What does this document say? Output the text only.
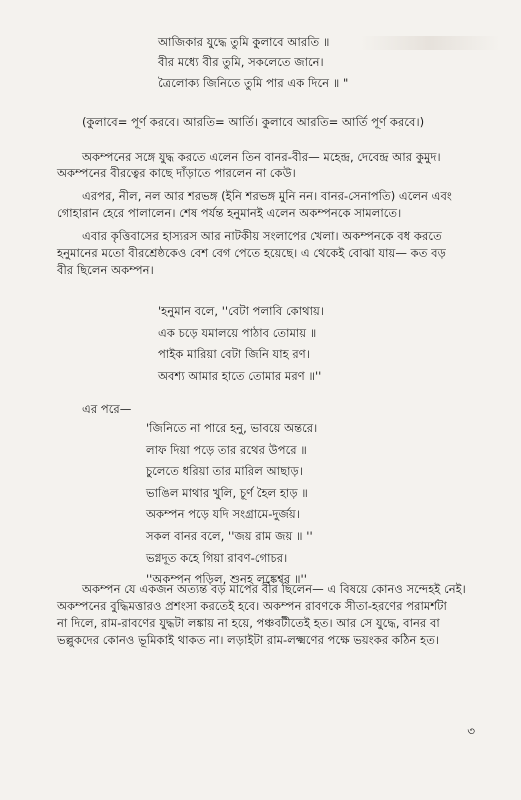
আজিকার যুদ্ধে তুমি কুলাবে আরতি ॥
বীর মধ্যে বীর তুমি, সকলেতে জানে।
ত্রৈলোক্য জিনিতে তুমি পার এক দিনে ॥ "
(কুলাবে= পূর্ণ করবে। আরতি= আর্তি। কুলাবে আরতি= আর্তি পূর্ণ করবে।)
অকম্পনের সঙ্গে যুদ্ধ করতে এলেন তিন বানর-বীর— মহেন্দ্র, দেবেন্দ্র আর কুমুদ।
অকম্পনের বীরত্বের কাছে দাঁড়াতে পারলেন না কেউ।
এরপর, নীল, নল আর শরভঙ্গ (ইনি শরভঙ্গ মুনি নন। বানর-সেনাপতি) এলেন এবং
গোহারান হেরে পালালেন। শেষ পর্যন্ত হনুমানই এলেন অকম্পনকে সামলাতে।
এবার কৃত্তিবাসের হাস্যরস আর নাটকীয় সংলাপের খেলা। অকম্পনকে বধ করতে
হনুমানের মতো বীরশ্রেষ্ঠকেও বেশ বেগ পেতে হয়েছে। এ থেকেই বোঝা যায়— কত বড়
বীর ছিলেন অকম্পন।
'হনুমান বলে, ''বেটা পলাবি কোথায়।
এক চড়ে যমালয়ে পাঠাব তোমায় ॥
পাইক মারিয়া বেটা জিনি যাহ রণ।
অবশ্য আমার হাতে তোমার মরণ ॥''
এর পরে—
'জিনিতে না পারে হনু, ভাবয়ে অন্তরে।
লাফ দিয়া পড়ে তার রথের উপরে ॥
চুলেতে ধরিয়া তার মারিল আছাড়।
ভাঙিল মাথার খুলি, চূর্ণ হৈল হাড় ॥
অকম্পন পড়ে যদি সংগ্রামে-দুর্জয়।
সকল বানর বলে, ''জয় রাম জয় ॥ ''
ভগ্নদূত কহে গিয়া রাবণ-গোচর।
''অকম্পন পড়িল, শুনহ লঙ্কেশ্বর ॥''
অকম্পন যে একজন অত্যন্ত বড় মাপের বীর ছিলেন— এ বিষয়ে কোনও সন্দেহই নেই।
অকম্পনের বুদ্ধিমত্তারও প্রশংসা করতেই হবে। অকম্পন রাবণকে সীতা-হরণের পরামর্শটা
না দিলে, রাম-রাবণের যুদ্ধটা লঙ্কায় না হয়ে, পঞ্চবটীতেই হত। আর সে যুদ্ধে, বানর বা
ভল্লুকদের কোনও ভূমিকাই থাকত না। লড়াইটা রাম-লক্ষ্মণের পক্ষে ভয়ংকর কঠিন হত।
৩
